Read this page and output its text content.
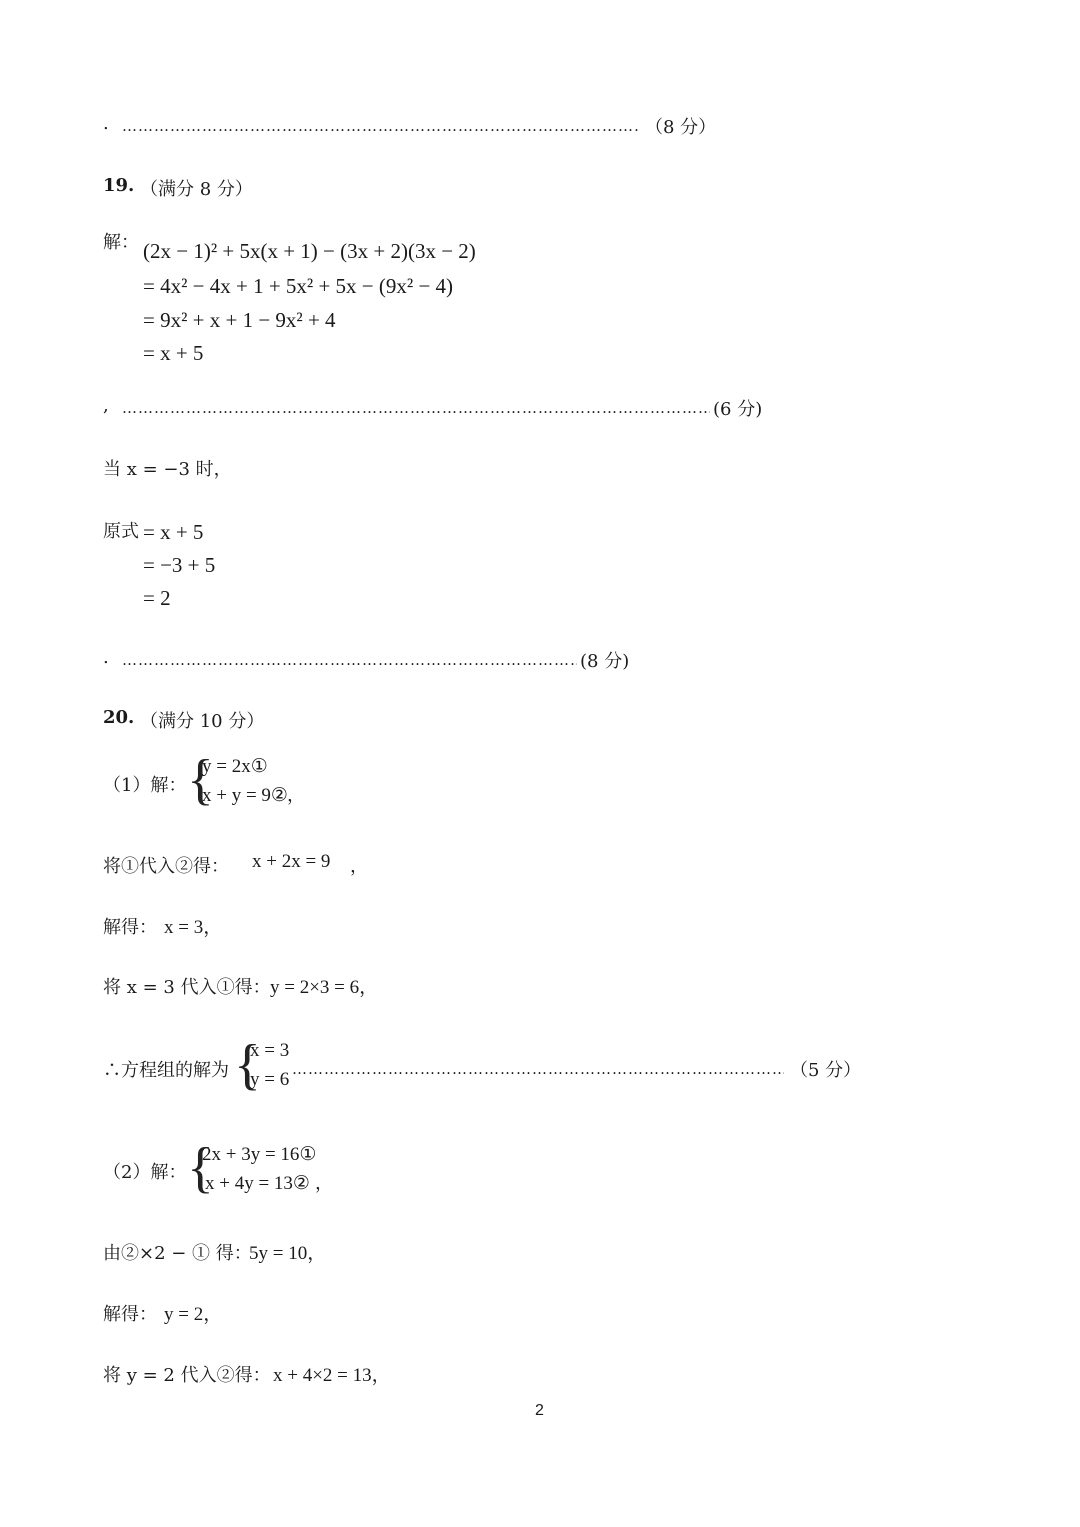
. ……………………………………………………………………………………………………………………………………………………………………………………………………………………	（8 分）
19. （满分 8 分）
解： (2x − 1)² + 5x(x + 1) − (3x + 2)(3x − 2)
= 4x² − 4x + 1 + 5x² + 5x − (9x² − 4)
= 9x² + x + 1 − 9x² + 4
= x + 5
, ……………………………………………………………………………………………………………………………………………………………………………………………………………………	(6 分)
当 x = −3 时，
原式 = x + 5
= −3 + 5
= 2
. ……………………………………………………………………………………………………………………………………………………………………………………………………………………	(8 分)
20. （满分 10 分）
（1）解： {
y = 2x①
x + y = 9② ，
将①代入②得： x + 2x = 9 ，
解得： x = 3，
将 x = 3 代入①得： y = 2×3 = 6，
∴方程组的解为 {
x = 3
y = 6 ……………………………………………………………………………………………………………………………………………………………………………………………………………………	（5 分）
（2）解： {
2x + 3y = 16①
x + 4y = 13② ，
由②×2 − ① 得：
5y = 10，
解得： y = 2，
将 y = 2 代入②得： x + 4×2 = 13，
2
